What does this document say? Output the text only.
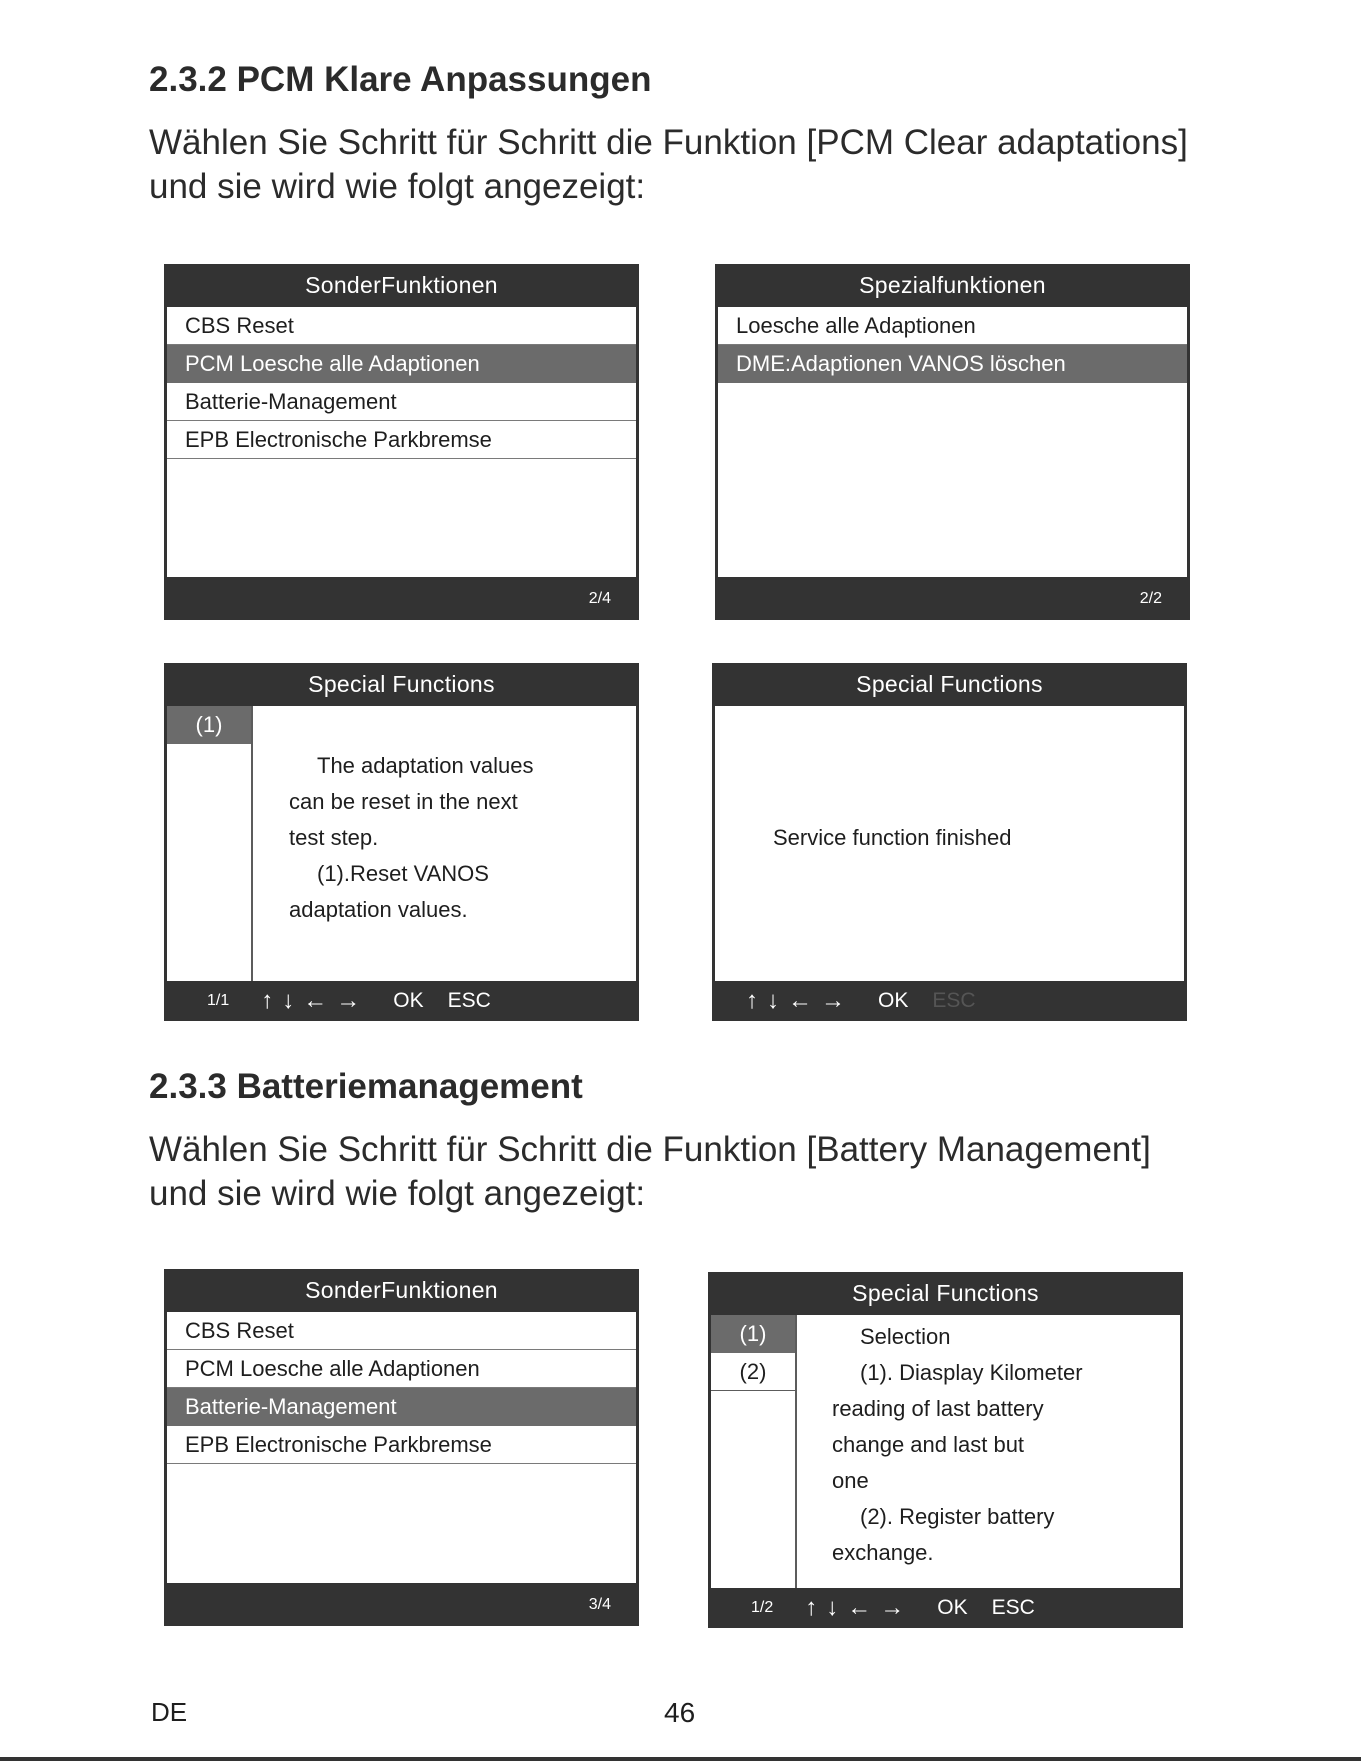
2.3.2 PCM Klare Anpassungen
Wählen Sie Schritt für Schritt die Funktion [PCM Clear adaptations]
und sie wird wie folgt angezeigt:
SonderFunktionen
CBS Reset
PCM Loesche alle Adaptionen
Batterie-Management
EPB Electronische Parkbremse
2/4
Spezialfunktionen
Loesche alle Adaptionen
DME:Adaptionen VANOS löschen
2/2
Special Functions
(1)
The adaptation values
can be reset in the next
test step.
(1).Reset VANOS
adaptation values.
1/1 ↑ ↓ ← → OK ESC
Special Functions
Service function finished
↑ ↓ ← → OK ESC
2.3.3 Batteriemanagement
Wählen Sie Schritt für Schritt die Funktion [Battery Management]
und sie wird wie folgt angezeigt:
SonderFunktionen
CBS Reset
PCM Loesche alle Adaptionen
Batterie-Management
EPB Electronische Parkbremse
3/4
Special Functions
(1)
(2)
Selection
(1). Diasplay Kilometer
reading of last battery
change and last but
one
(2). Register battery
exchange.
1/2 ↑ ↓ ← → OK ESC
DE	46
